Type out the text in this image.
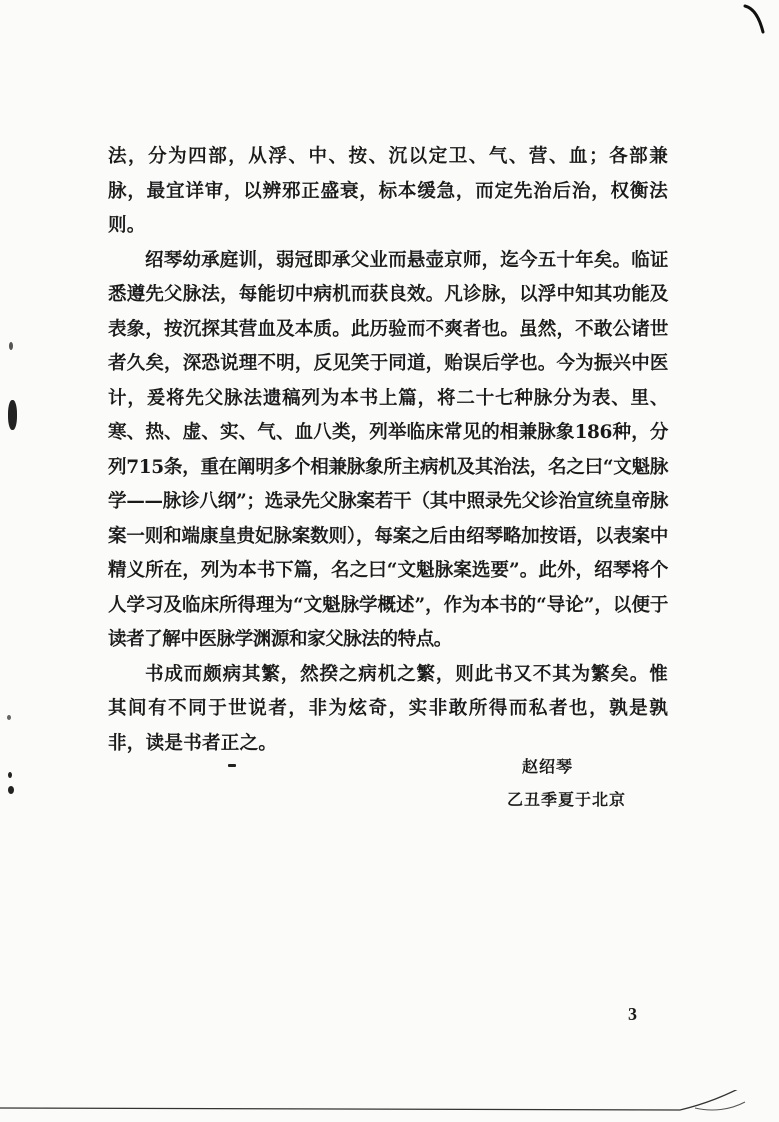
法，分为四部，从浮、中、按、沉以定卫、气、营、血；各部兼脉，最宜详审，以辨邪正盛衰，标本缓急，而定先治后治，权衡法则。

绍琴幼承庭训，弱冠即承父业而悬壶京师，迄今五十年矣。临证悉遵先父脉法，每能切中病机而获良效。凡诊脉，以浮中知其功能及表象，按沉探其营血及本质。此历验而不爽者也。虽然，不敢公诸世者久矣，深恐说理不明，反见笑于同道，贻误后学也。今为振兴中医计，爰将先父脉法遗稿列为本书上篇，将二十七种脉分为表、里、寒、热、虚、实、气、血八类，列举临床常见的相兼脉象186种，分列715条，重在阐明多个相兼脉象所主病机及其治法，名之曰“文魁脉学——脉诊八纲”；选录先父脉案若干（其中照录先父诊治宣统皇帝脉案一则和端康皇贵妃脉案数则），每案之后由绍琴略加按语，以表案中精义所在，列为本书下篇，名之曰“文魁脉案选要”。此外，绍琴将个人学习及临床所得理为“文魁脉学概述”，作为本书的“导论”，以便于读者了解中医脉学渊源和家父脉法的特点。

书成而颇病其繁，然揆之病机之繁，则此书又不其为繁矣。惟其间有不同于世说者，非为炫奇，实非敢所得而私者也，孰是孰非，读是书者正之。

赵绍琴
乙丑季夏于北京
3
